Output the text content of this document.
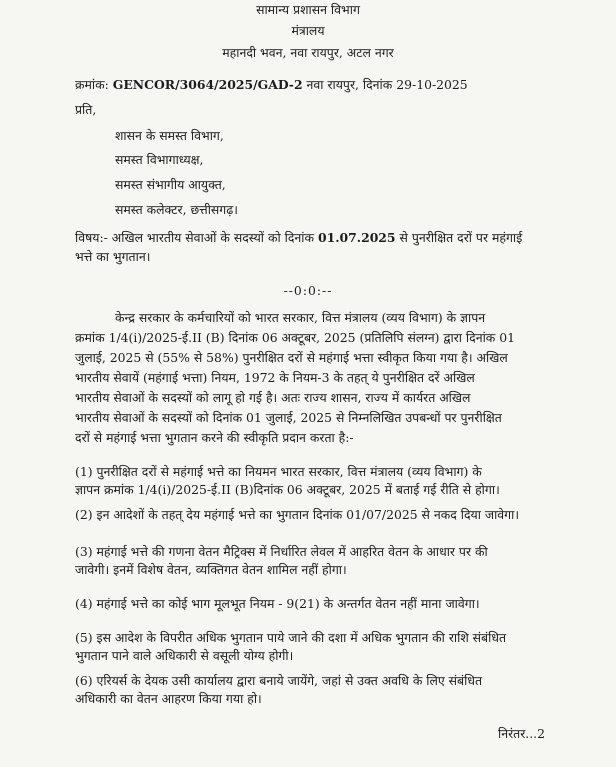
सामान्य प्रशासन विभाग
मंत्रालय
महानदी भवन, नवा रायपुर, अटल नगर
क्रमांक: GENCOR/3064/2025/GAD-2 नवा रायपुर, दिनांक 29-10-2025
प्रति,
शासन के समस्त विभाग,
समस्त विभागाध्यक्ष,
समस्त संभागीय आयुक्त,
समस्त कलेक्टर, छत्तीसगढ़।
विषय:- अखिल भारतीय सेवाओं के सदस्यों को दिनांक 01.07.2025 से पुनरीक्षित दरों पर महंगाई
भत्ते का भुगतान।
--0:0:--
केन्द्र सरकार के कर्मचारियों को भारत सरकार, वित्त मंत्रालय (व्यय विभाग) के ज्ञापन
क्रमांक 1/4(i)/2025-ई.II (B) दिनांक 06 अक्टूबर, 2025 (प्रतिलिपि संलग्न) द्वारा दिनांक 01
जुलाई, 2025 से (55% से 58%) पुनरीक्षित दरों से महंगाई भत्ता स्वीकृत किया गया है। अखिल
भारतीय सेवायें (महंगाई भत्ता) नियम, 1972 के नियम-3 के तहत् ये पुनरीक्षित दरें अखिल
भारतीय सेवाओं के सदस्यों को लागू हो गई है। अतः राज्य शासन, राज्य में कार्यरत अखिल
भारतीय सेवाओं के सदस्यों को दिनांक 01 जुलाई, 2025 से निम्नलिखित उपबन्धों पर पुनरीक्षित
दरों से महंगाई भत्ता भुगतान करने की स्वीकृति प्रदान करता है:-
(1) पुनरीक्षित दरों से महंगाई भत्ते का नियमन भारत सरकार, वित्त मंत्रालय (व्यय विभाग) के
ज्ञापन क्रमांक 1/4(i)/2025-ई.II (B)दिनांक 06 अक्टूबर, 2025 में बताई गई रीति से होगा।
(2) इन आदेशों के तहत् देय महंगाई भत्ते का भुगतान दिनांक 01/07/2025 से नकद दिया जावेगा।
(3) महंगाई भत्ते की गणना वेतन मैट्रिक्स में निर्धारित लेवल में आहरित वेतन के आधार पर की
जावेगी। इनमें विशेष वेतन, व्यक्तिगत वेतन शामिल नहीं होगा।
(4) महंगाई भत्ते का कोई भाग मूलभूत नियम - 9(21) के अन्तर्गत वेतन नहीं माना जावेगा।
(5) इस आदेश के विपरीत अधिक भुगतान पाये जाने की दशा में अधिक भुगतान की राशि संबंधित
भुगतान पाने वाले अधिकारी से वसूली योग्य होगी।
(6) एरियर्स के देयक उसी कार्यालय द्वारा बनाये जायेंगे, जहां से उक्त अवधि के लिए संबंधित
अधिकारी का वेतन आहरण किया गया हो।
निरंतर...2
